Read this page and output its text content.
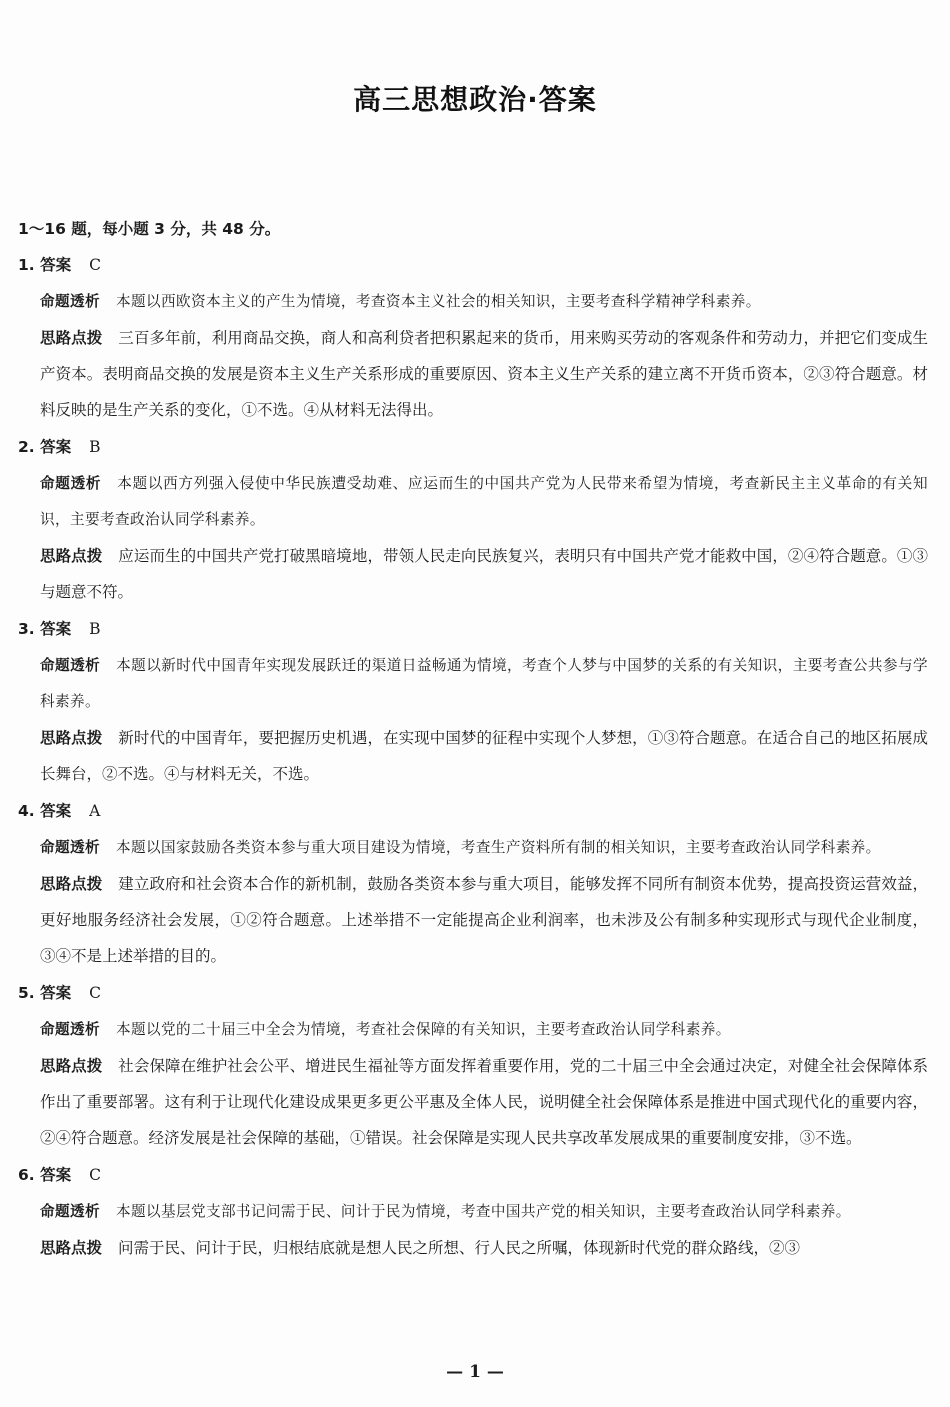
高三思想政治·答案
1～16 题，每小题 3 分，共 48 分。
1. 答案 C
命题透析 本题以西欧资本主义的产生为情境，考查资本主义社会的相关知识，主要考查科学精神学科素养。
思路点拨 三百多年前，利用商品交换，商人和高利贷者把积累起来的货币，用来购买劳动的客观条件和劳动力，并把它们变成生产资本。表明商品交换的发展是资本主义生产关系形成的重要原因、资本主义生产关系的建立离不开货币资本，②③符合题意。材料反映的是生产关系的变化，①不选。④从材料无法得出。
2. 答案 B
命题透析 本题以西方列强入侵使中华民族遭受劫难、应运而生的中国共产党为人民带来希望为情境，考查新民主主义革命的有关知识，主要考查政治认同学科素养。
思路点拨 应运而生的中国共产党打破黑暗境地，带领人民走向民族复兴，表明只有中国共产党才能救中国，②④符合题意。①③与题意不符。
3. 答案 B
命题透析 本题以新时代中国青年实现发展跃迁的渠道日益畅通为情境，考查个人梦与中国梦的关系的有关知识，主要考查公共参与学科素养。
思路点拨 新时代的中国青年，要把握历史机遇，在实现中国梦的征程中实现个人梦想，①③符合题意。在适合自己的地区拓展成长舞台，②不选。④与材料无关，不选。
4. 答案 A
命题透析 本题以国家鼓励各类资本参与重大项目建设为情境，考查生产资料所有制的相关知识，主要考查政治认同学科素养。
思路点拨 建立政府和社会资本合作的新机制，鼓励各类资本参与重大项目，能够发挥不同所有制资本优势，提高投资运营效益，更好地服务经济社会发展，①②符合题意。上述举措不一定能提高企业利润率，也未涉及公有制多种实现形式与现代企业制度，③④不是上述举措的目的。
5. 答案 C
命题透析 本题以党的二十届三中全会为情境，考查社会保障的有关知识，主要考查政治认同学科素养。
思路点拨 社会保障在维护社会公平、增进民生福祉等方面发挥着重要作用，党的二十届三中全会通过决定，对健全社会保障体系作出了重要部署。这有利于让现代化建设成果更多更公平惠及全体人民，说明健全社会保障体系是推进中国式现代化的重要内容，②④符合题意。经济发展是社会保障的基础，①错误。社会保障是实现人民共享改革发展成果的重要制度安排，③不选。
6. 答案 C
命题透析 本题以基层党支部书记问需于民、问计于民为情境，考查中国共产党的相关知识，主要考查政治认同学科素养。
思路点拨 问需于民、问计于民，归根结底就是想人民之所想、行人民之所嘱，体现新时代党的群众路线，②③
— 1 —
